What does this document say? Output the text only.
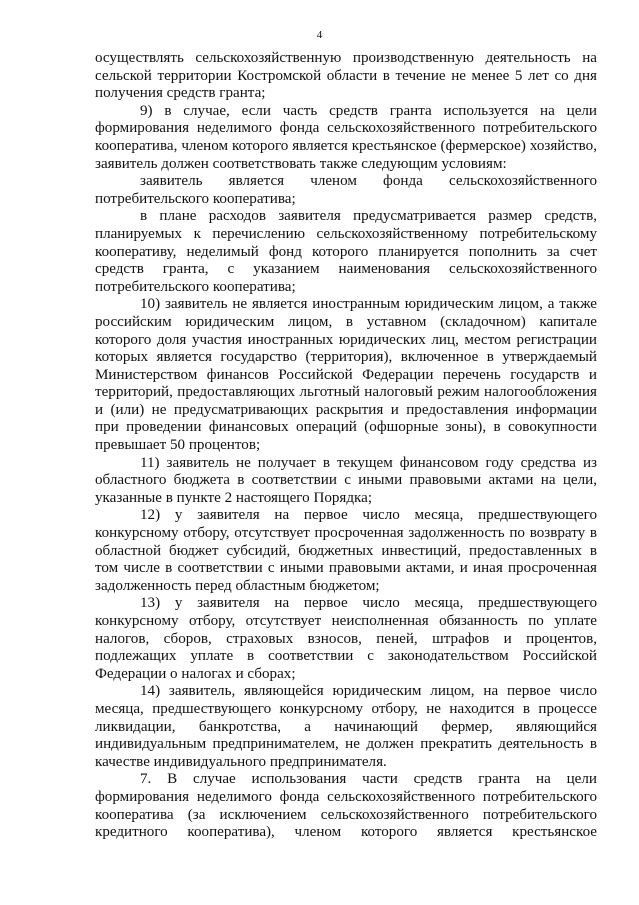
4

осуществлять сельскохозяйственную производственную деятельность на сельской территории Костромской области в течение не менее 5 лет со дня получения средств гранта;

9) в случае, если часть средств гранта используется на цели формирования неделимого фонда сельскохозяйственного потребительского кооператива, членом которого является крестьянское (фермерское) хозяйство, заявитель должен соответствовать также следующим условиям:

заявитель является членом фонда сельскохозяйственного потребительского кооператива;

в плане расходов заявителя предусматривается размер средств, планируемых к перечислению сельскохозяйственному потребительскому кооперативу, неделимый фонд которого планируется пополнить за счет средств гранта, с указанием наименования сельскохозяйственного потребительского кооператива;

10) заявитель не является иностранным юридическим лицом, а также российским юридическим лицом, в уставном (складочном) капитале которого доля участия иностранных юридических лиц, местом регистрации которых является государство (территория), включенное в утверждаемый Министерством финансов Российской Федерации перечень государств и территорий, предоставляющих льготный налоговый режим налогообложения и (или) не предусматривающих раскрытия и предоставления информации при проведении финансовых операций (офшорные зоны), в совокупности превышает 50 процентов;

11) заявитель не получает в текущем финансовом году средства из областного бюджета в соответствии с иными правовыми актами на цели, указанные в пункте 2 настоящего Порядка;

12) у заявителя на первое число месяца, предшествующего конкурсному отбору, отсутствует просроченная задолженность по возврату в областной бюджет субсидий, бюджетных инвестиций, предоставленных в том числе в соответствии с иными правовыми актами, и иная просроченная задолженность перед областным бюджетом;

13) у заявителя на первое число месяца, предшествующего конкурсному отбору, отсутствует неисполненная обязанность по уплате налогов, сборов, страховых взносов, пеней, штрафов и процентов, подлежащих уплате в соответствии с законодательством Российской Федерации о налогах и сборах;

14) заявитель, являющейся юридическим лицом, на первое число месяца, предшествующего конкурсному отбору, не находится в процессе ликвидации, банкротства, а начинающий фермер, являющийся индивидуальным предпринимателем, не должен прекратить деятельность в качестве индивидуального предпринимателя.

7. В случае использования части средств гранта на цели формирования неделимого фонда сельскохозяйственного потребительского кооператива (за исключением сельскохозяйственного потребительского кредитного кооператива), членом которого является крестьянское
